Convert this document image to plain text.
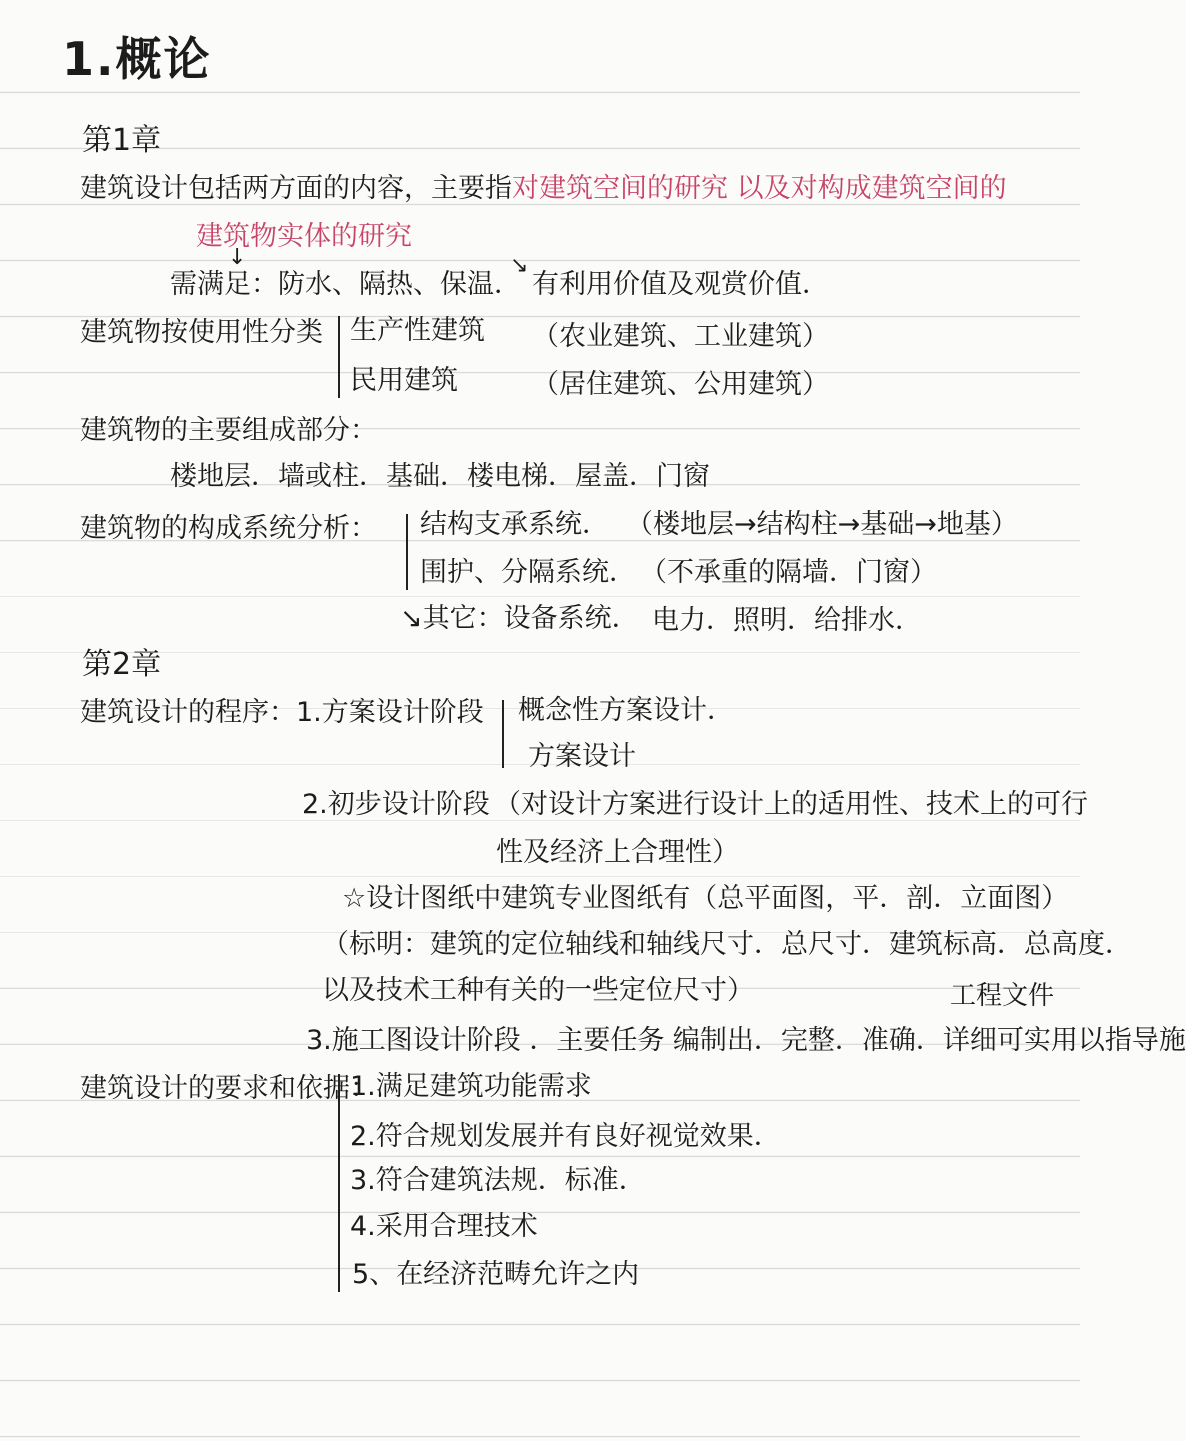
1.概论
第1章
建筑设计包括两方面的内容，主要指对建筑空间的研究 以及对构成建筑空间的
建筑物实体的研究
↓
需满足：防水、隔热、保温．
↘
有利用价值及观赏价值．
建筑物按使用性分类 生产性建筑 （农业建筑、工业建筑）
民用建筑	（居住建筑、公用建筑）
建筑物的主要组成部分：
楼地层．墙或柱．基础．楼电梯．屋盖．门窗
建筑物的构成系统分析： 结构支承系统． （楼地层→结构柱→基础→地基）
围护、分隔系统． （不承重的隔墙．门窗）
↘其它：设备系统． 电力．照明．给排水．
第2章
建筑设计的程序：1.方案设计阶段 概念性方案设计．
方案设计
2.初步设计阶段 （对设计方案进行设计上的适用性、技术上的可行
性及经济上合理性）
☆设计图纸中建筑专业图纸有（总平面图，平．剖．立面图）
（标明：建筑的定位轴线和轴线尺寸．总尺寸．建筑标高．总高度．
以及技术工种有关的一些定位尺寸）	工程文件
3.施工图设计阶段 ．主要任务 编制出．完整．准确．详细可实用以指导施
建筑设计的要求和依据：
1.满足建筑功能需求
2.符合规划发展并有良好视觉效果．
3.符合建筑法规．标准．
4.采用合理技术
5、在经济范畴允许之内
